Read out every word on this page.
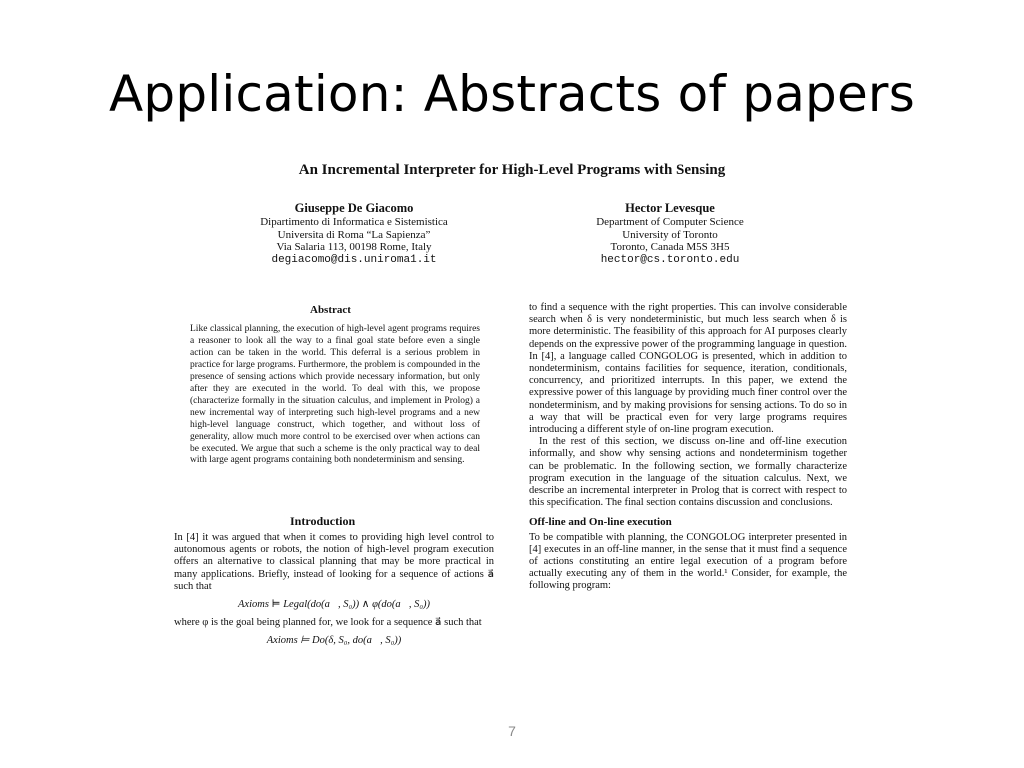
Application: Abstracts of papers
An Incremental Interpreter for High-Level Programs with Sensing
Giuseppe De Giacomo
Dipartimento di Informatica e Sistemistica
Universita di Roma “La Sapienza”
Via Salaria 113, 00198 Rome, Italy
degiacomo@dis.uniroma1.it
Hector Levesque
Department of Computer Science
University of Toronto
Toronto, Canada M5S 3H5
hector@cs.toronto.edu
Abstract
Like classical planning, the execution of high-level agent programs requires a reasoner to look all the way to a final goal state before even a single action can be taken in the world. This deferral is a serious problem in practice for large programs. Furthermore, the problem is compounded in the presence of sensing actions which provide necessary information, but only after they are executed in the world. To deal with this, we propose (characterize formally in the situation calculus, and implement in Prolog) a new incremental way of interpreting such high-level programs and a new high-level language construct, which together, and without loss of generality, allow much more control to be exercised over when actions can be executed. We argue that such a scheme is the only practical way to deal with large agent programs containing both nondeterminism and sensing.
Introduction
In [4] it was argued that when it comes to providing high level control to autonomous agents or robots, the notion of high-level program execution offers an alternative to classical planning that may be more practical in many applications. Briefly, instead of looking for a sequence of actions a⃗ such that
Axioms ⊨ Legal(do(a⃗, S₀)) ∧ φ(do(a⃗, S₀))
where φ is the goal being planned for, we look for a sequence a⃗ such that
Axioms ⊨ Do(δ, S₀, do(a⃗, S₀))

to find a sequence with the right properties. This can involve considerable search when δ is very nondeterministic, but much less search when δ is more deterministic. The feasibility of this approach for AI purposes clearly depends on the expressive power of the programming language in question. In [4], a language called CONGOLOG is presented, which in addition to nondeterminism, contains facilities for sequence, iteration, conditionals, concurrency, and prioritized interrupts. In this paper, we extend the expressive power of this language by providing much finer control over the nondeterminism, and by making provisions for sensing actions. To do so in a way that will be practical even for very large programs requires introducing a different style of on-line program execution.

In the rest of this section, we discuss on-line and off-line execution informally, and show why sensing actions and nondeterminism together can be problematic. In the following section, we formally characterize program execution in the language of the situation calculus. Next, we describe an incremental interpreter in Prolog that is correct with respect to this specification. The final section contains discussion and conclusions.

Off-line and On-line execution

To be compatible with planning, the CONGOLOG interpreter presented in [4] executes in an off-line manner, in the sense that it must find a sequence of actions constituting an entire legal execution of a program before actually executing any of them in the world.¹ Consider, for example, the following program:

7
